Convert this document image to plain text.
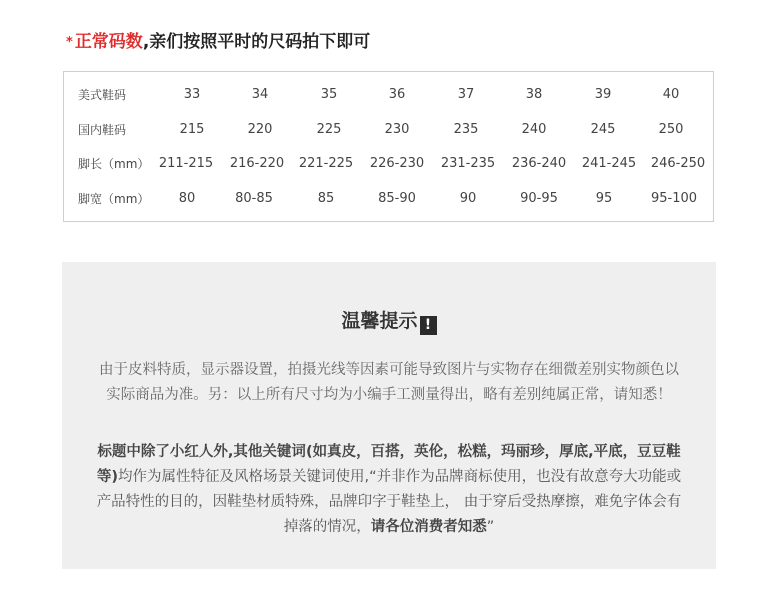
* 正常码数,亲们按照平时的尺码拍下即可
美式鞋码	33	34	35	36	37	38	39	40
国内鞋码	215	220	225	230	235	240	245	250
脚长（mm） 211-215 216-220 221-225 226-230 231-235 236-240 241-245 246-250
脚宽（mm） 80	80-85	85	85-90	90	90-95	95	95-100
温馨提示 !
由于皮料特质，显示器设置，拍摄光线等因素可能导致图片与实物存在细微差别实物颜色以实际商品为准。另：以上所有尺寸均为小编手工测量得出，略有差别纯属正常，请知悉！
标题中除了小红人外,其他关键词(如真皮，百搭，英伦，松糕，玛丽珍，厚底,平底，豆豆鞋等)均作为属性特征及风格场景关键词使用,“并非作为品牌商标使用，也没有故意夸大功能或产品特性的目的，因鞋垫材质特殊，品牌印字于鞋垫上， 由于穿后受热摩擦，难免字体会有掉落的情况，请各位消费者知悉”
